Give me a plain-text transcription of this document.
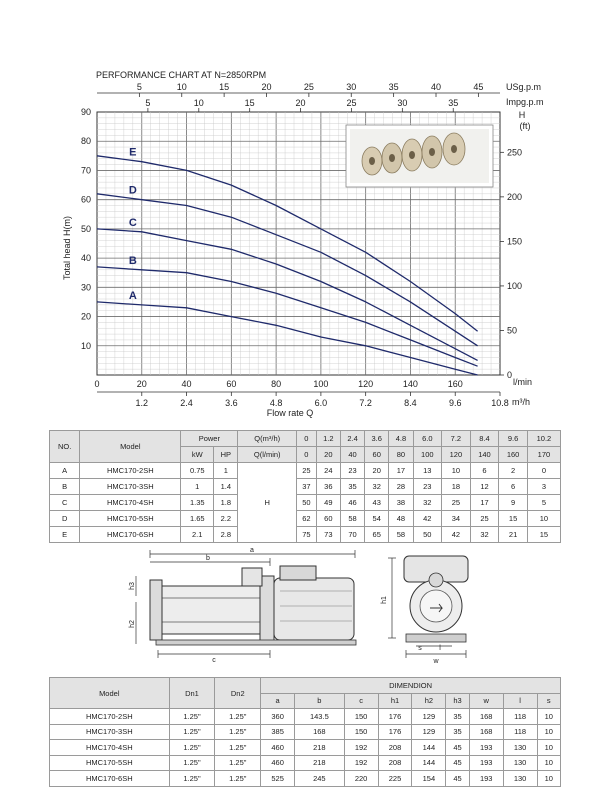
PERFORMANCE CHART AT N=2850RPM
5	10	15	20	25	30	35	40	45	USg.p.m
5	10	15	20	25	30	35	Impg.p.m
A
B
C
D
E
10
20
30
40
50
60
70
80
90
0
50
100
150
200
250
H
(ft)
0	20	40	60	80	100	120	140	160	l/min
1.2	2.4	3.6	4.8	6.0	7.2	8.4	9.6	10.8 m³/h
Flow rate Q
Total head H(m)
NO.	Model	Power		Q(m³/h)	0	1.2	2.4	3.6	4.8	6.0	7.2	8.4	9.6	10.2
		kW	HP	Q(l/min)	0	20	40	60	80	100	120	140	160	170
A	HMC170-2SH	0.75	1	H	25	24	23	20	17	13	10	6	2	0
B	HMC170-3SH	1	1.4		37	36	35	32	28	23	18	12	6	3
C	HMC170-4SH	1.35	1.8		50	49	46	43	38	32	25	17	9	5
D	HMC170-5SH	1.65	2.2		62	60	58	54	48	42	34	25	15	10
E	HMC170-6SH	2.1	2.8		75	73	70	65	58	50	42	32	21	15
a
b
c
h3
h2
h1
s l
w
Model	Dn1	Dn2	DIMENDION								
			a	b	c	h1	h2	h3	w	l	s
HMC170-2SH	1.25"	1.25"	360	143.5	150	176	129	35	168	118	10
HMC170-3SH	1.25"	1.25"	385	168	150	176	129	35	168	118	10
HMC170-4SH	1.25"	1.25"	460	218	192	208	144	45	193	130	10
HMC170-5SH	1.25"	1.25"	460	218	192	208	144	45	193	130	10
HMC170-6SH	1.25"	1.25"	525	245	220	225	154	45	193	130	10
